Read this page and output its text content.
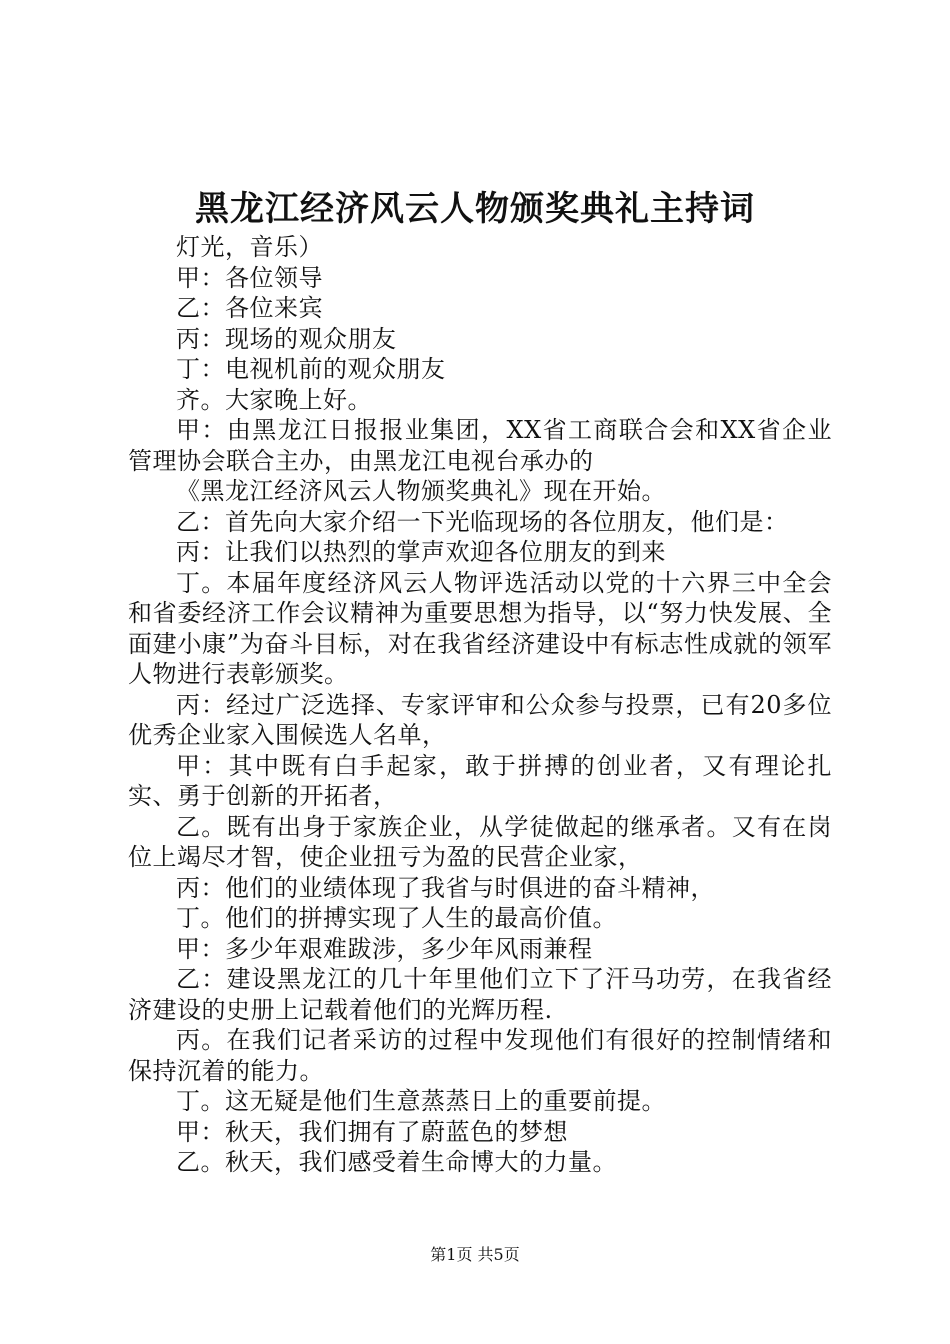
黑龙江经济风云人物颁奖典礼主持词

灯光，音乐）

甲：各位领导

乙：各位来宾

丙：现场的观众朋友

丁：电视机前的观众朋友

齐。大家晚上好。

甲：由黑龙江日报报业集团，XX省工商联合会和XX省企业管理协会联合主办，由黑龙江电视台承办的

《黑龙江经济风云人物颁奖典礼》现在开始。

乙：首先向大家介绍一下光临现场的各位朋友，他们是：

丙：让我们以热烈的掌声欢迎各位朋友的到来

丁。本届年度经济风云人物评选活动以党的十六界三中全会和省委经济工作会议精神为重要思想为指导，以“努力快发展、全面建小康”为奋斗目标，对在我省经济建设中有标志性成就的领军人物进行表彰颁奖。

丙：经过广泛选择、专家评审和公众参与投票，已有20多位优秀企业家入围候选人名单，

甲：其中既有白手起家，敢于拼搏的创业者，又有理论扎实、勇于创新的开拓者，

乙。既有出身于家族企业，从学徒做起的继承者。又有在岗位上竭尽才智，使企业扭亏为盈的民营企业家，

丙：他们的业绩体现了我省与时俱进的奋斗精神，

丁。他们的拼搏实现了人生的最高价值。

甲：多少年艰难跋涉，多少年风雨兼程

乙：建设黑龙江的几十年里他们立下了汗马功劳，在我省经济建设的史册上记载着他们的光辉历程.

丙。在我们记者采访的过程中发现他们有很好的控制情绪和保持沉着的能力。

丁。这无疑是他们生意蒸蒸日上的重要前提。

甲：秋天，我们拥有了蔚蓝色的梦想

乙。秋天，我们感受着生命博大的力量。

第1页 共5页
